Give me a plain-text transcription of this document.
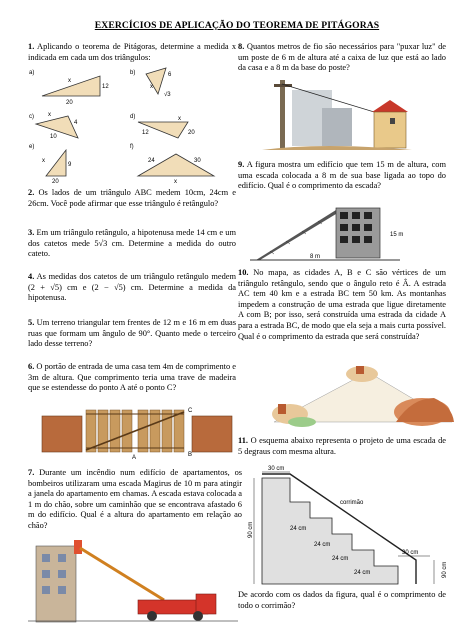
EXERCÍCIOS DE APLICAÇÃO DO TEOREMA DE PITÁGORAS
1. Aplicando o teorema de Pitágoras, determine a medida x indicada em cada um dos triângulos:
a)
x
12
20
b)
x
6
√3
c) x
4
10
d)	x
12	20
e)
x
9
20
f)
24	30
x
2. Os lados de um triângulo ABC medem 10cm, 24cm e 26cm. Você pode afirmar que esse triângulo é retângulo?
3. Em um triângulo retângulo, a hipotenusa mede 14 cm e um dos catetos mede 5√3 cm. Determine a medida do outro cateto.
4. As medidas dos catetos de um triângulo retângulo medem (2 + √5) cm e (2 − √5) cm. Determine a medida da hipotenusa.
5. Um terreno triangular tem frentes de 12 m e 16 m em duas ruas que formam um ângulo de 90°. Quanto mede o terceiro lado desse terreno?
6. O portão de entrada de uma casa tem 4m de comprimento e 3m de altura. Que comprimento teria uma trave de madeira que se estendesse do ponto A até o ponto C?
A	B
C
7. Durante um incêndio num edifício de apartamentos, os bombeiros utilizaram uma escada Magirus de 10 m para atingir a janela do apartamento em chamas. A escada estava colocada a 1 m do chão, sobre um caminhão que se encontrava afastado 6 m do edifício. Qual é a altura do apartamento em relação ao chão?
8. Quantos metros de fio são necessários para "puxar luz" de um poste de 6 m de altura até a caixa de luz que está ao lado da casa e a 8 m da base do poste?
9. A figura mostra um edifício que tem 15 m de altura, com uma escada colocada a 8 m de sua base ligada ao topo do edifício. Qual é o comprimento da escada?
8 m
15 m
10. No mapa, as cidades A, B e C são vértices de um triângulo retângulo, sendo que o ângulo reto é Â. A estrada AC tem 40 km e a estrada BC tem 50 km. As montanhas impedem a construção de uma estrada que ligue diretamente A com B; por isso, será construída uma estrada da cidade A para a estrada BC, de modo que ela seja a mais curta possível. Qual é o comprimento da estrada que será construída?
11. O esquema abaixo representa o projeto de uma escada de 5 degraus com mesma altura.
30 cm
corrimão
90 cm	24 cm
24 cm
24 cm
24 cm
30 cm
90 cm
De acordo com os dados da figura, qual é o comprimento de todo o corrimão?
